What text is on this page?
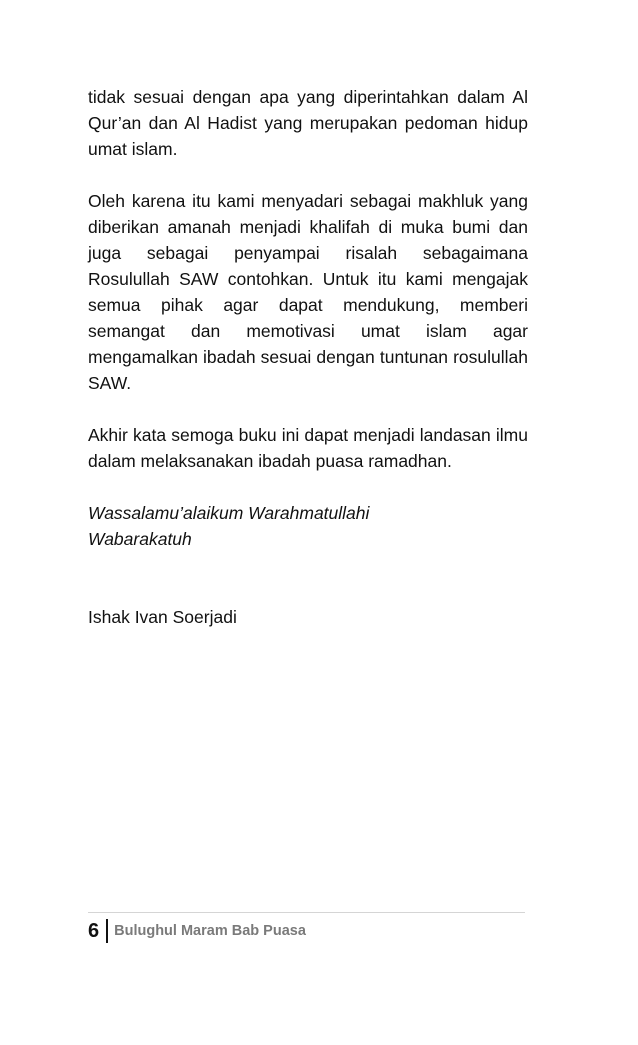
tidak sesuai dengan apa yang diperintahkan dalam Al Qur’an dan Al Hadist yang merupakan pedoman hidup umat islam.

Oleh karena itu kami menyadari sebagai makhluk yang diberikan amanah menjadi khalifah di muka bumi dan juga sebagai penyampai risalah sebagaimana Rosulullah SAW contohkan. Untuk itu kami mengajak semua pihak agar dapat mendukung, memberi semangat dan memotivasi umat islam agar mengamalkan ibadah sesuai dengan tuntunan rosulullah SAW.

Akhir kata semoga buku ini dapat menjadi landasan ilmu dalam melaksanakan ibadah puasa ramadhan.

Wassalamu’alaikum Warahmatullahi
Wabarakatuh

Ishak Ivan Soerjadi

6	Bulughul Maram Bab Puasa
